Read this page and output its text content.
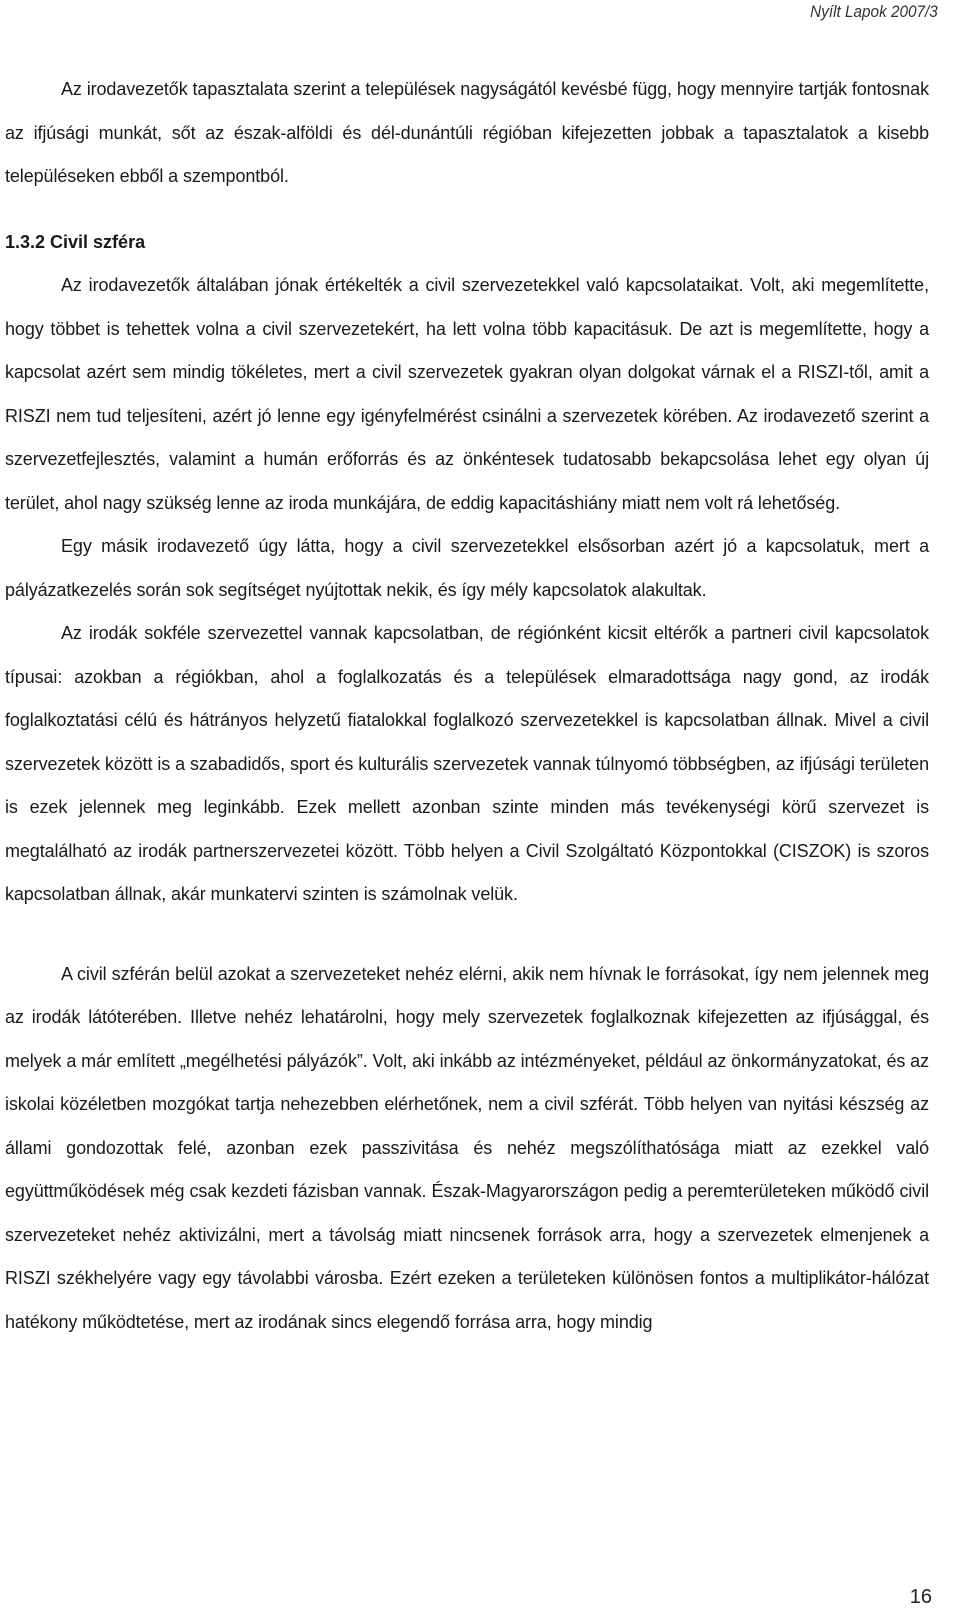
Nyílt Lapok 2007/3

Az irodavezetők tapasztalata szerint a települések nagyságától kevésbé függ, hogy mennyire tartják fontosnak az ifjúsági munkát, sőt az észak-alföldi és dél-dunántúli régióban kifejezetten jobbak a tapasztalatok a kisebb településeken ebből a szempontból.

1.3.2 Civil szféra

Az irodavezetők általában jónak értékelték a civil szervezetekkel való kapcsolataikat. Volt, aki megemlítette, hogy többet is tehettek volna a civil szervezetekért, ha lett volna több kapacitásuk. De azt is megemlítette, hogy a kapcsolat azért sem mindig tökéletes, mert a civil szervezetek gyakran olyan dolgokat várnak el a RISZI-től, amit a RISZI nem tud teljesíteni, azért jó lenne egy igényfelmérést csinálni a szervezetek körében. Az irodavezető szerint a szervezetfejlesztés, valamint a humán erőforrás és az önkéntesek tudatosabb bekapcsolása lehet egy olyan új terület, ahol nagy szükség lenne az iroda munkájára, de eddig kapacitáshiány miatt nem volt rá lehetőség.

Egy másik irodavezető úgy látta, hogy a civil szervezetekkel elsősorban azért jó a kapcsolatuk, mert a pályázatkezelés során sok segítséget nyújtottak nekik, és így mély kapcsolatok alakultak.

Az irodák sokféle szervezettel vannak kapcsolatban, de régiónként kicsit eltérők a partneri civil kapcsolatok típusai: azokban a régiókban, ahol a foglalkozatás és a települések elmaradottsága nagy gond, az irodák foglalkoztatási célú és hátrányos helyzetű fiatalokkal foglalkozó szervezetekkel is kapcsolatban állnak. Mivel a civil szervezetek között is a szabadidős, sport és kulturális szervezetek vannak túlnyomó többségben, az ifjúsági területen is ezek jelennek meg leginkább. Ezek mellett azonban szinte minden más tevékenységi körű szervezet is megtalálható az irodák partnerszervezetei között. Több helyen a Civil Szolgáltató Központokkal (CISZOK) is szoros kapcsolatban állnak, akár munkatervi szinten is számolnak velük.

A civil szférán belül azokat a szervezeteket nehéz elérni, akik nem hívnak le forrásokat, így nem jelennek meg az irodák látóterében. Illetve nehéz lehatárolni, hogy mely szervezetek foglalkoznak kifejezetten az ifjúsággal, és melyek a már említett „megélhetési pályázók”. Volt, aki inkább az intézményeket, például az önkormányzatokat, és az iskolai közéletben mozgókat tartja nehezebben elérhetőnek, nem a civil szférát. Több helyen van nyitási készség az állami gondozottak felé, azonban ezek passzivitása és nehéz megszólíthatósága miatt az ezekkel való együttműködések még csak kezdeti fázisban vannak. Észak-Magyarországon pedig a peremterületeken működő civil szervezeteket nehéz aktivizálni, mert a távolság miatt nincsenek források arra, hogy a szervezetek elmenjenek a RISZI székhelyére vagy egy távolabbi városba. Ezért ezeken a területeken különösen fontos a multiplikátor-hálózat hatékony működtetése, mert az irodának sincs elegendő forrása arra, hogy mindig

16
